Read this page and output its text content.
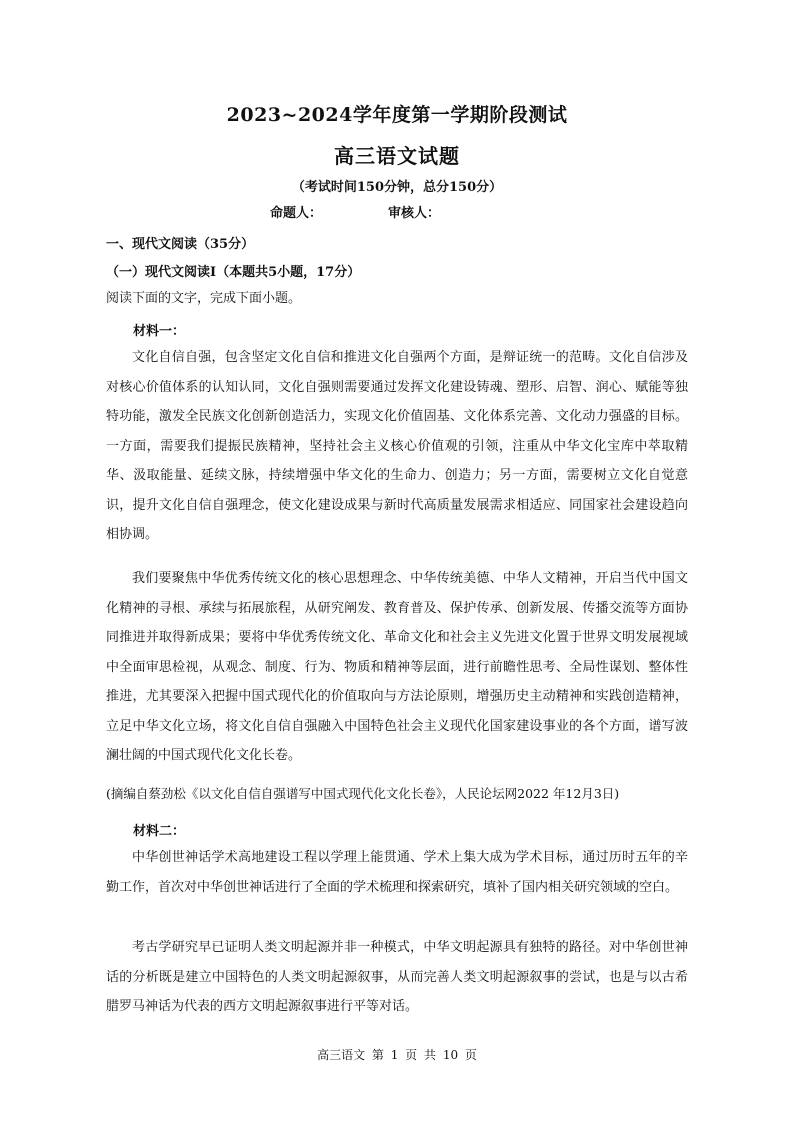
2023~2024学年度第一学期阶段测试
高三语文试题
（考试时间150分钟，总分150分）
命题人：	审核人：
一、现代文阅读（35分）
（一）现代文阅读Ⅰ（本题共5小题，17分）
阅读下面的文字，完成下面小题。
材料一：
文化自信自强，包含坚定文化自信和推进文化自强两个方面，是辩证统一的范畴。文化自信涉及对核心价值体系的认知认同，文化自强则需要通过发挥文化建设铸魂、塑形、启智、润心、赋能等独特功能，激发全民族文化创新创造活力，实现文化价值固基、文化体系完善、文化动力强盛的目标。一方面，需要我们提振民族精神，坚持社会主义核心价值观的引领，注重从中华文化宝库中萃取精华、汲取能量、延续文脉，持续增强中华文化的生命力、创造力；另一方面，需要树立文化自觉意识，提升文化自信自强理念，使文化建设成果与新时代高质量发展需求相适应、同国家社会建设趋向相协调。
我们要聚焦中华优秀传统文化的核心思想理念、中华传统美德、中华人文精神，开启当代中国文化精神的寻根、承续与拓展旅程，从研究阐发、教育普及、保护传承、创新发展、传播交流等方面协同推进并取得新成果；要将中华优秀传统文化、革命文化和社会主义先进文化置于世界文明发展视域中全面审思检视，从观念、制度、行为、物质和精神等层面，进行前瞻性思考、全局性谋划、整体性推进，尤其要深入把握中国式现代化的价值取向与方法论原则，增强历史主动精神和实践创造精神，立足中华文化立场，将文化自信自强融入中国特色社会主义现代化国家建设事业的各个方面，谱写波澜壮阔的中国式现代化文化长卷。
(摘编自蔡劲松《以文化自信自强谱写中国式现代化文化长卷》，人民论坛网2022 年12月3日)
材料二：
中华创世神话学术高地建设工程以学理上能贯通、学术上集大成为学术目标，通过历时五年的辛勤工作，首次对中华创世神话进行了全面的学术梳理和探索研究，填补了国内相关研究领域的空白。
考古学研究早已证明人类文明起源并非一种模式，中华文明起源具有独特的路径。对中华创世神话的分析既是建立中国特色的人类文明起源叙事，从而完善人类文明起源叙事的尝试，也是与以古希腊罗马神话为代表的西方文明起源叙事进行平等对话。
高三语文 第 1 页 共 10 页
